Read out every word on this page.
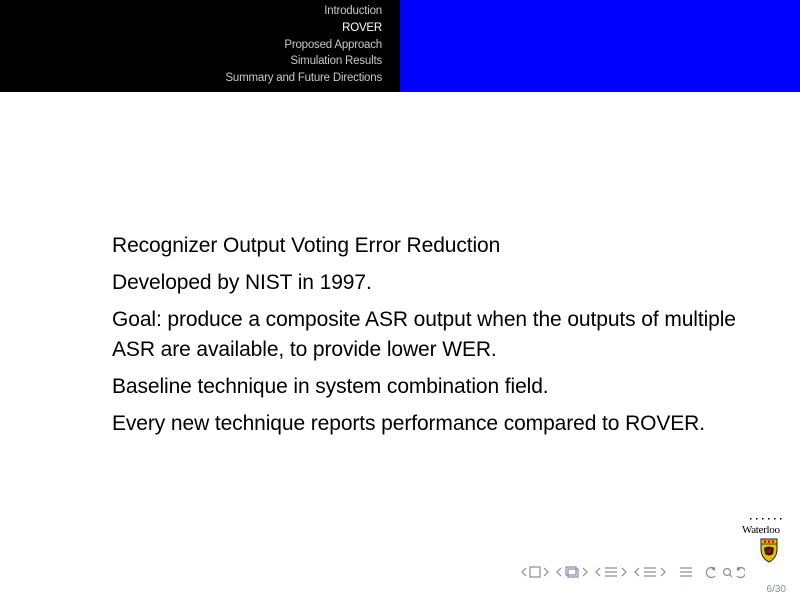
Introduction
ROVER
Proposed Approach
Simulation Results
Summary and Future Directions
Recognizer Output Voting Error Reduction
Developed by NIST in 1997.
Goal: produce a composite ASR output when the outputs of multiple ASR are available, to provide lower WER.
Baseline technique in system combination field.
Every new technique reports performance compared to ROVER.
Waterloo

6/30
